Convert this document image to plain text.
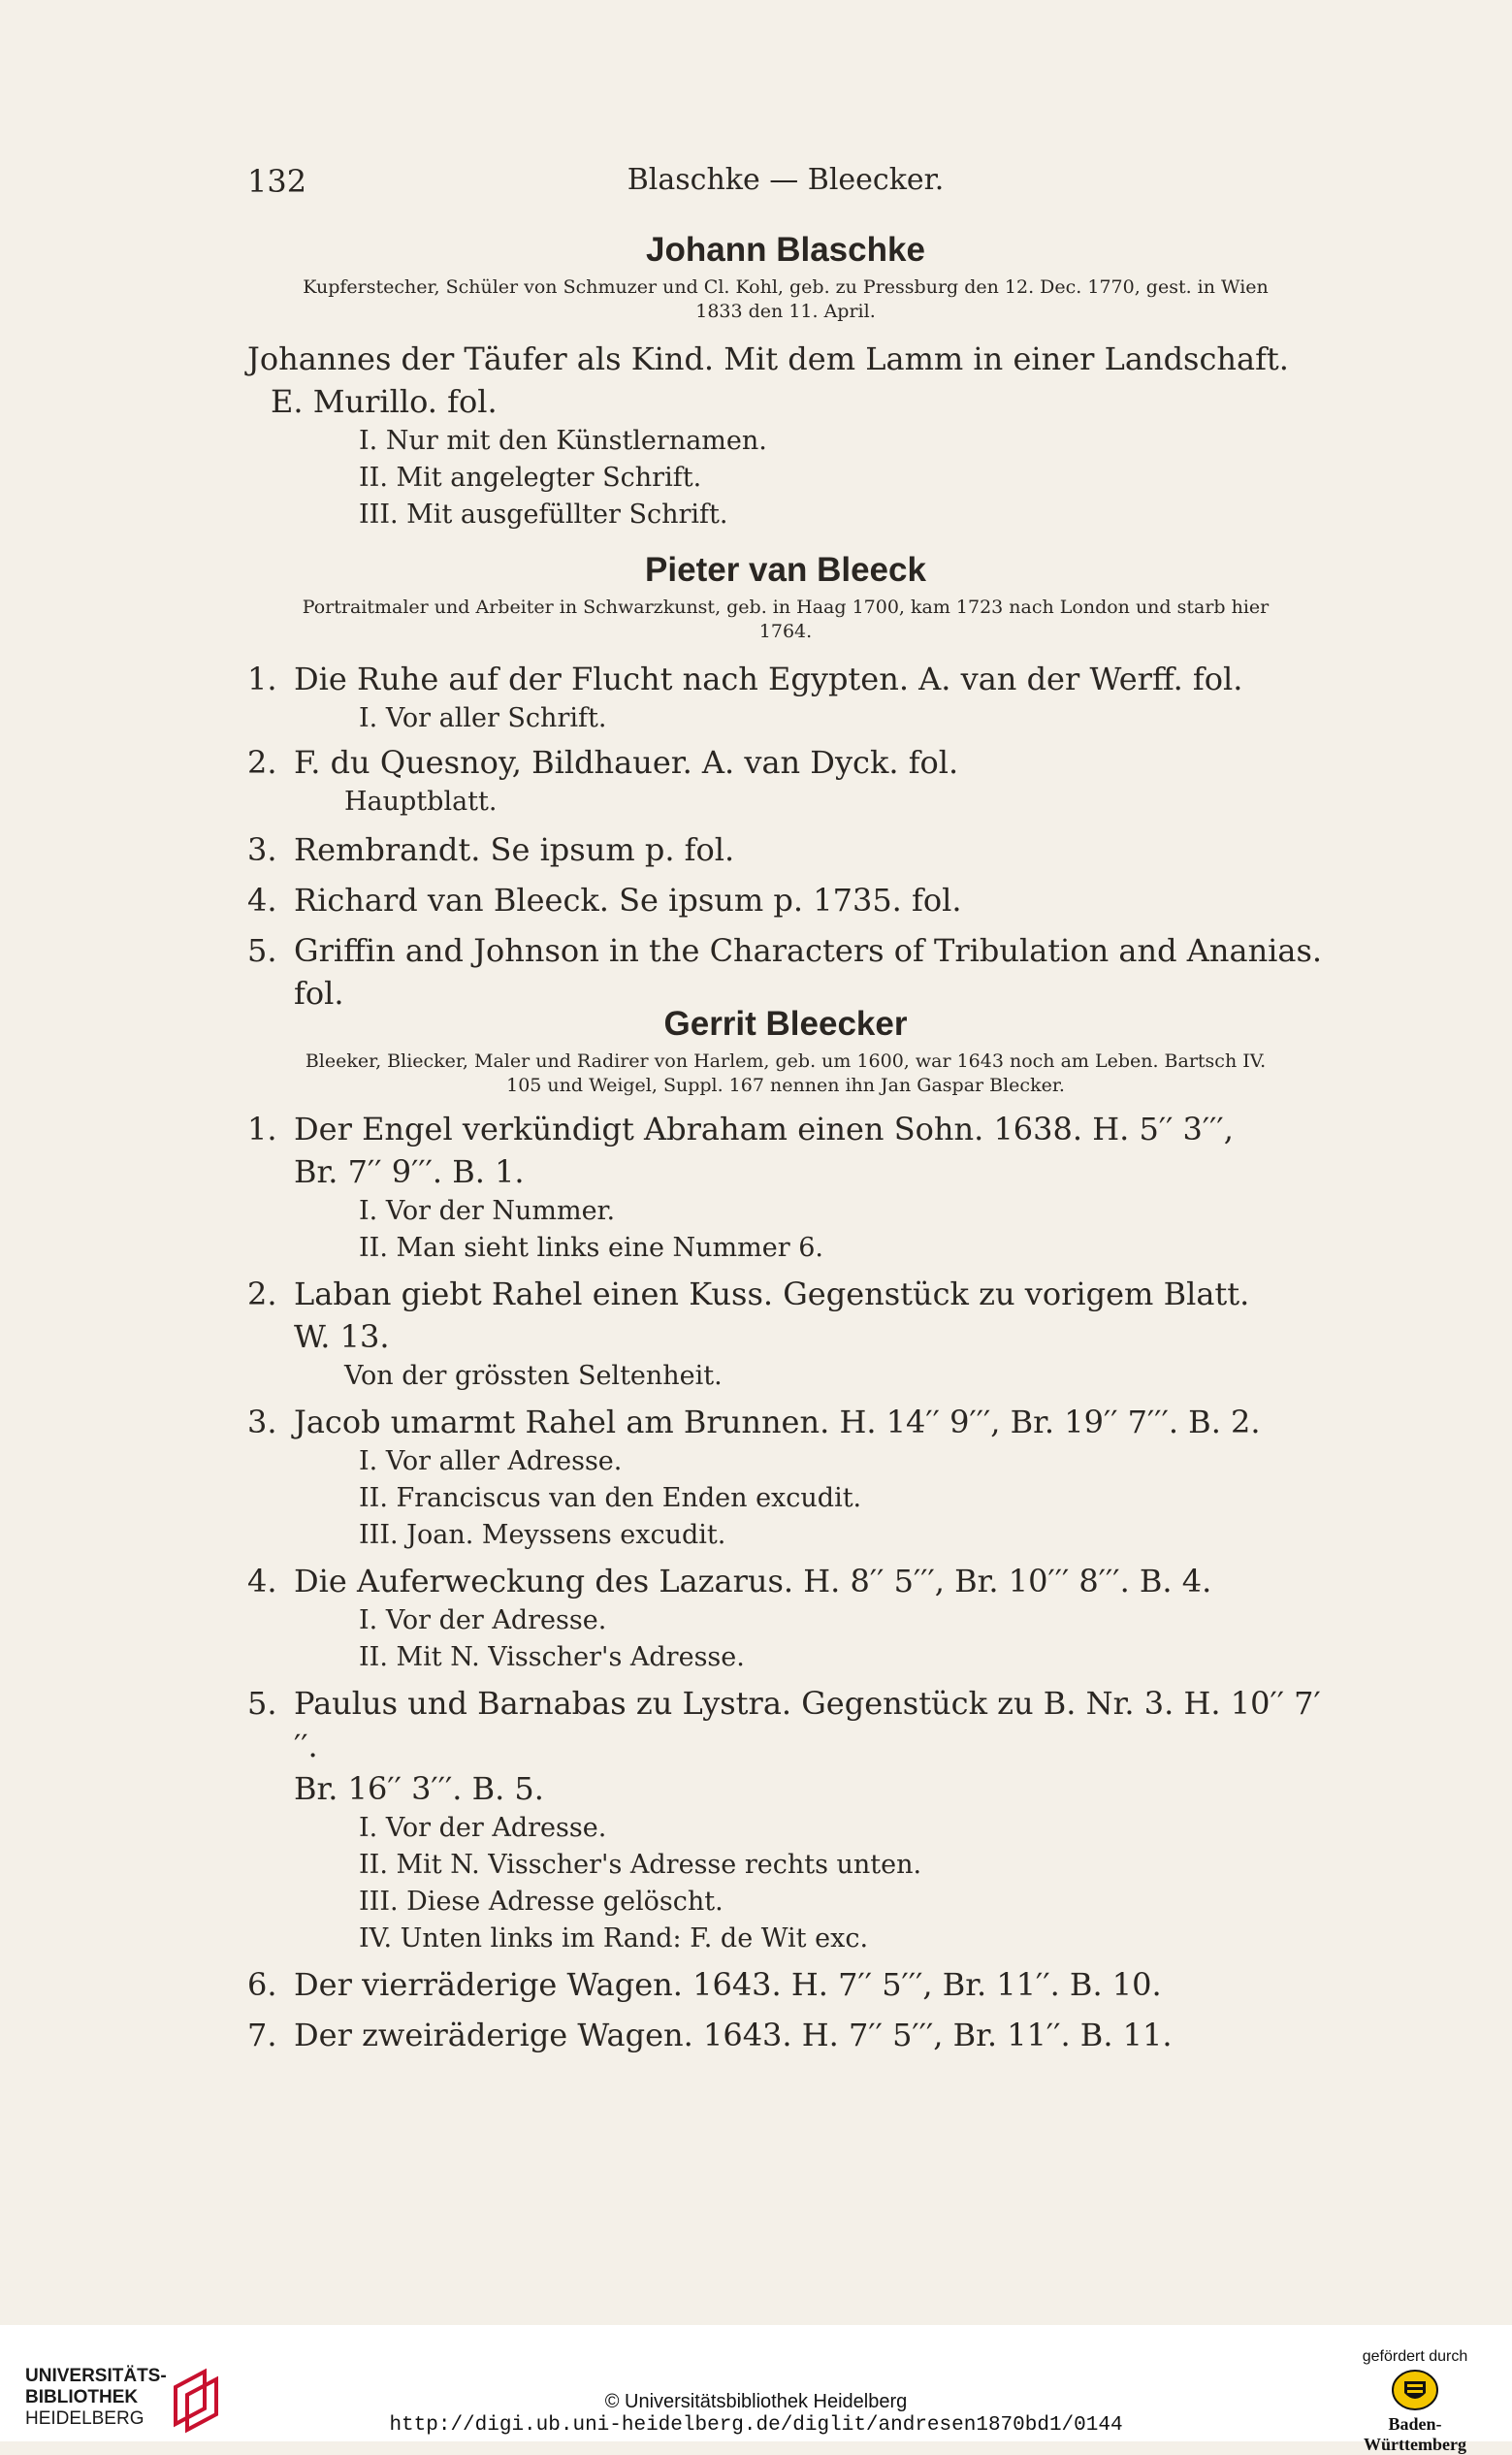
132	Blaschke — Bleecker.
Johann Blaschke

Kupferstecher, Schüler von Schmuzer und Cl. Kohl, geb. zu Pressburg den 12. Dec. 1770, gest. in Wien 1833 den 11. April.

Johannes der Täufer als Kind. Mit dem Lamm in einer Landschaft.
E. Murillo. fol.

I. Nur mit den Künstlernamen.

II. Mit angelegter Schrift.

III. Mit ausgefüllter Schrift.

Pieter van Bleeck

Portraitmaler und Arbeiter in Schwarzkunst, geb. in Haag 1700, kam 1723 nach London und starb hier 1764.

1. Die Ruhe auf der Flucht nach Egypten. A. van der Werff. fol.

I. Vor aller Schrift.

2. F. du Quesnoy, Bildhauer. A. van Dyck. fol.

Hauptblatt.

3. Rembrandt. Se ipsum p. fol.
4. Richard van Bleeck. Se ipsum p. 1735. fol.
5. Griffin and Johnson in the Characters of Tribulation and Ananias. fol.
Gerrit Bleecker

Bleeker, Bliecker, Maler und Radirer von Harlem, geb. um 1600, war 1643 noch am Leben. Bartsch IV. 105 und Weigel, Suppl. 167 nennen ihn Jan Gaspar Blecker.

1. Der Engel verkündigt Abraham einen Sohn. 1638. H. 5′′ 3′′′,
Br. 7′′ 9′′′. B. 1.

I. Vor der Nummer.

II. Man sieht links eine Nummer 6.

2. Laban giebt Rahel einen Kuss. Gegenstück zu vorigem Blatt.
W. 13.

Von der grössten Seltenheit.

3. Jacob umarmt Rahel am Brunnen. H. 14′′ 9′′′, Br. 19′′ 7′′′. B. 2.

I. Vor aller Adresse.

II. Franciscus van den Enden excudit.

III. Joan. Meyssens excudit.

4. Die Auferweckung des Lazarus. H. 8′′ 5′′′, Br. 10′′′ 8′′′. B. 4.

I. Vor der Adresse.

II. Mit N. Visscher's Adresse.

5. Paulus und Barnabas zu Lystra. Gegenstück zu B. Nr. 3. H. 10′′ 7′′′.
Br. 16′′ 3′′′. B. 5.

I. Vor der Adresse.

II. Mit N. Visscher's Adresse rechts unten.

III. Diese Adresse gelöscht.

IV. Unten links im Rand: F. de Wit exc.

6. Der vierräderige Wagen. 1643. H. 7′′ 5′′′, Br. 11′′. B. 10.
7. Der zweiräderige Wagen. 1643. H. 7′′ 5′′′, Br. 11′′. B. 11.
UNIVERSITÄTS-
BIBLIOTHEK
HEIDELBERG
© Universitätsbibliothek Heidelberg
http://digi.ub.uni-heidelberg.de/diglit/andresen1870bd1/0144
gefördert durch
Baden-Württemberg
